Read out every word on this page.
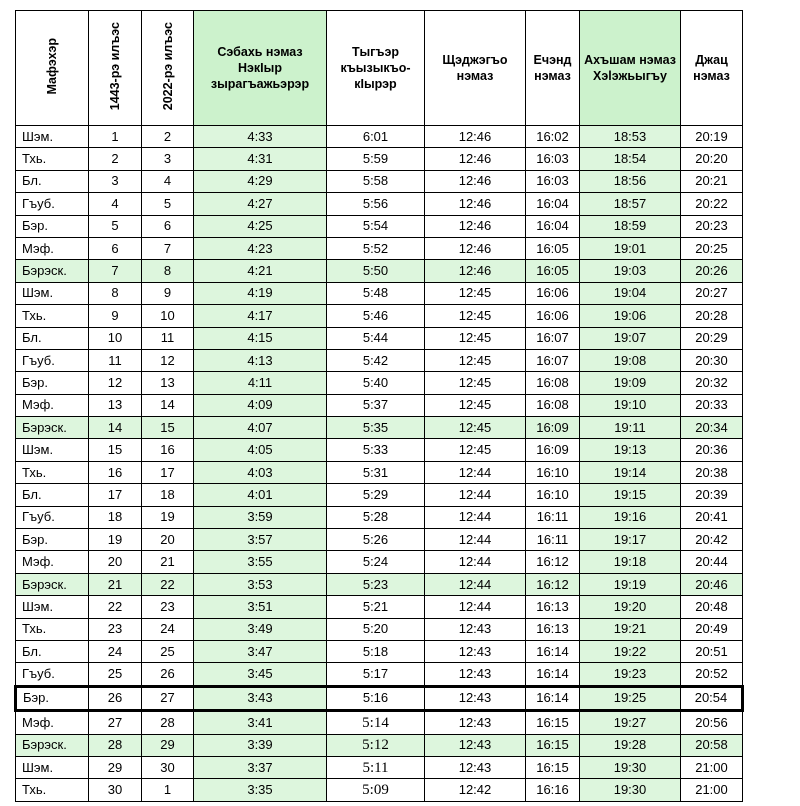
Мафэхэр	1443-рэ илъэс	2022-рэ илъэс	Сэбахь нэмаз НэкIыр зырагъажьэрэр	Тыгъэр къызыкъо-кIырэр	Щэджэгъо нэмаз	Ечэнд нэмаз	Ахъшам нэмаз Хэlэжьыгъу	Джац нэмаз
Шэм.	1	2	4:33	6:01	12:46	16:02	18:53	20:19
Тхь.	2	3	4:31	5:59	12:46	16:03	18:54	20:20
Бл.	3	4	4:29	5:58	12:46	16:03	18:56	20:21
Гъуб.	4	5	4:27	5:56	12:46	16:04	18:57	20:22
Бэр.	5	6	4:25	5:54	12:46	16:04	18:59	20:23
Мэф.	6	7	4:23	5:52	12:46	16:05	19:01	20:25
Бэрэск.	7	8	4:21	5:50	12:46	16:05	19:03	20:26
Шэм.	8	9	4:19	5:48	12:45	16:06	19:04	20:27
Тхь.	9	10	4:17	5:46	12:45	16:06	19:06	20:28
Бл.	10	11	4:15	5:44	12:45	16:07	19:07	20:29
Гъуб.	11	12	4:13	5:42	12:45	16:07	19:08	20:30
Бэр.	12	13	4:11	5:40	12:45	16:08	19:09	20:32
Мэф.	13	14	4:09	5:37	12:45	16:08	19:10	20:33
Бэрэск.	14	15	4:07	5:35	12:45	16:09	19:11	20:34
Шэм.	15	16	4:05	5:33	12:45	16:09	19:13	20:36
Тхь.	16	17	4:03	5:31	12:44	16:10	19:14	20:38
Бл.	17	18	4:01	5:29	12:44	16:10	19:15	20:39
Гъуб.	18	19	3:59	5:28	12:44	16:11	19:16	20:41
Бэр.	19	20	3:57	5:26	12:44	16:11	19:17	20:42
Мэф.	20	21	3:55	5:24	12:44	16:12	19:18	20:44
Бэрэск.	21	22	3:53	5:23	12:44	16:12	19:19	20:46
Шэм.	22	23	3:51	5:21	12:44	16:13	19:20	20:48
Тхь.	23	24	3:49	5:20	12:43	16:13	19:21	20:49
Бл.	24	25	3:47	5:18	12:43	16:14	19:22	20:51
Гъуб.	25	26	3:45	5:17	12:43	16:14	19:23	20:52
Бэр.	26	27	3:43	5:16	12:43	16:14	19:25	20:54
Мэф.	27	28	3:41	5:14	12:43	16:15	19:27	20:56
Бэрэск.	28	29	3:39	5:12	12:43	16:15	19:28	20:58
Шэм.	29	30	3:37	5:11	12:43	16:15	19:30	21:00
Тхь.	30	1	3:35	5:09	12:42	16:16	19:30	21:00
